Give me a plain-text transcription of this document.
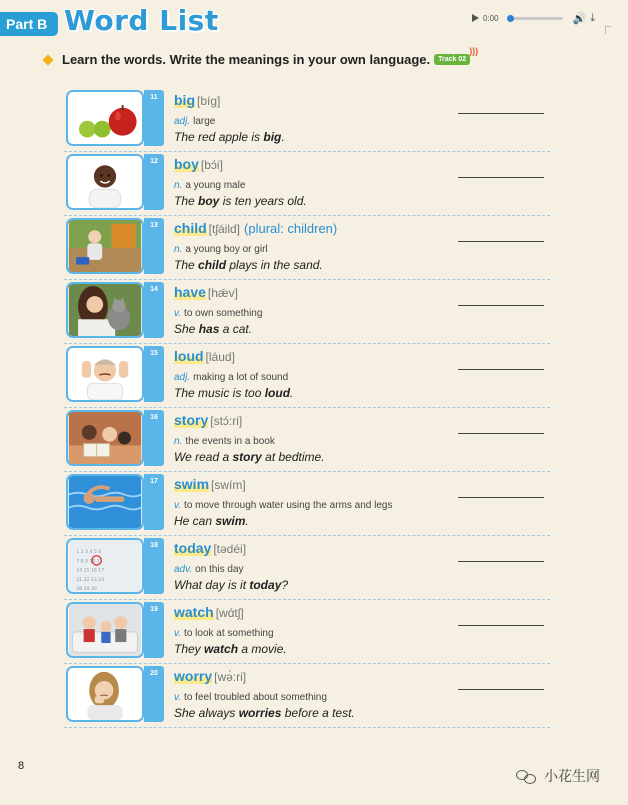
Part B Word List	0:00	🔊 ⤓
Learn the words. Write the meanings in your own language.	Track 02
)))
11	big [bíg]
adj. large
The red apple is big.
12	boy [bɔ́i]
n. a young male
The boy is ten years old.
13	child [tʃáild] (plural: children)
n. a young boy or girl
The child plays in the sand.
14	have [hǽv]
v. to own something
She has a cat.
15	loud [láud]
adj. making a lot of sound
The music is too loud.
16	story [stɔ́:ri]
n. the events in a book
We read a story at bedtime.
17	swim [swím]
v. to move through water using the arms and legs
He can swim.
1 2 3 4 5 6
7 8 9 10 11
14 15 16 17
21 22 23 24
28 29 30
18	today [tədéi]
adv. on this day
What day is it today?
19	watch [wɑ́tʃ]
v. to look at something
They watch a movie.
20	worry [wə́:ri]
v. to feel troubled about something
She always worries before a test.
8
小花生网
